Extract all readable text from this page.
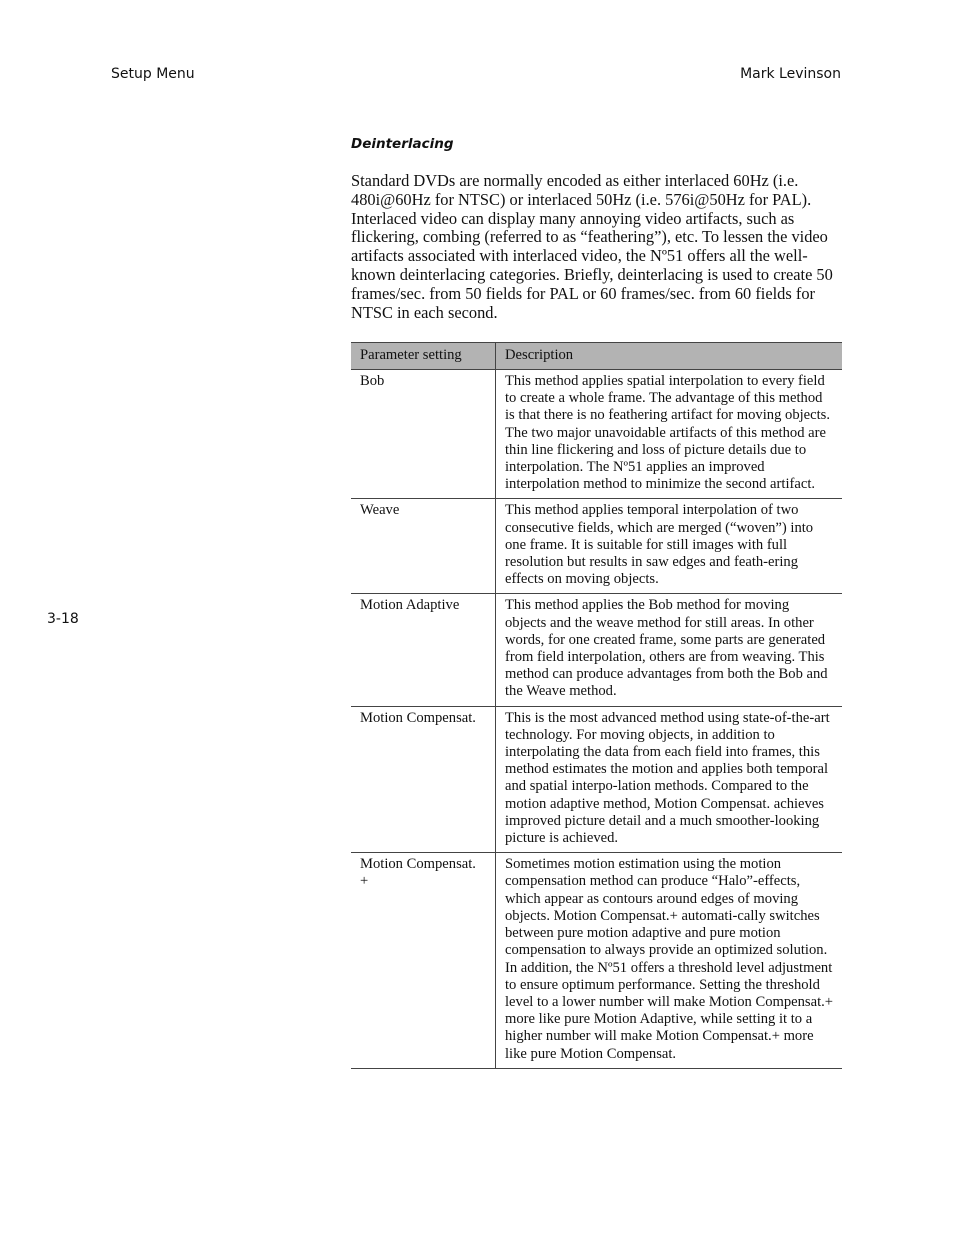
Setup Menu	Mark Levinson
3-18
Deinterlacing

Standard DVDs are normally encoded as either interlaced 60Hz (i.e. 480i@60Hz for NTSC) or interlaced 50Hz (i.e. 576i@50Hz for PAL). Interlaced video can display many annoying video artifacts, such as flickering, combing (referred to as “feathering”), etc. To lessen the video artifacts associated with interlaced video, the Nº51 offers all the well-known deinterlacing categories. Briefly, deinterlacing is used to create 50 frames/sec. from 50 fields for PAL or 60 frames/sec. from 60 fields for NTSC in each second.

Parameter setting	Description
Bob	This method applies spatial interpolation to every field to create a whole frame. The advantage of this method is that there is no feathering artifact for moving objects. The two major unavoidable artifacts of this method are thin line flickering and loss of picture details due to interpolation. The Nº51 applies an improved interpolation method to minimize the second artifact.
Weave	This method applies temporal interpolation of two consecutive fields, which are merged (“woven”) into one frame. It is suitable for still images with full resolution but results in saw edges and feath-ering effects on moving objects.
Motion Adaptive	This method applies the Bob method for moving objects and the weave method for still areas. In other words, for one created frame, some parts are generated from field interpolation, others are from weaving. This method can produce advantages from both the Bob and the Weave method.
Motion Compensat.	This is the most advanced method using state-of-the-art technology. For moving objects, in addition to interpolating the data from each field into frames, this method estimates the motion and applies both temporal and spatial interpo-lation methods. Compared to the motion adaptive method, Motion Compensat. achieves improved picture detail and a much smoother-looking picture is achieved.
Motion Compensat. +	Sometimes motion estimation using the motion compensation method can produce “Halo”-effects, which appear as contours around edges of moving objects. Motion Compensat.+ automati-cally switches between pure motion adaptive and pure motion compensation to always provide an optimized solution. In addition, the Nº51 offers a threshold level adjustment to ensure optimum performance. Setting the threshold level to a lower number will make Motion Compensat.+ more like pure Motion Adaptive, while setting it to a higher number will make Motion Compensat.+ more like pure Motion Compensat.
